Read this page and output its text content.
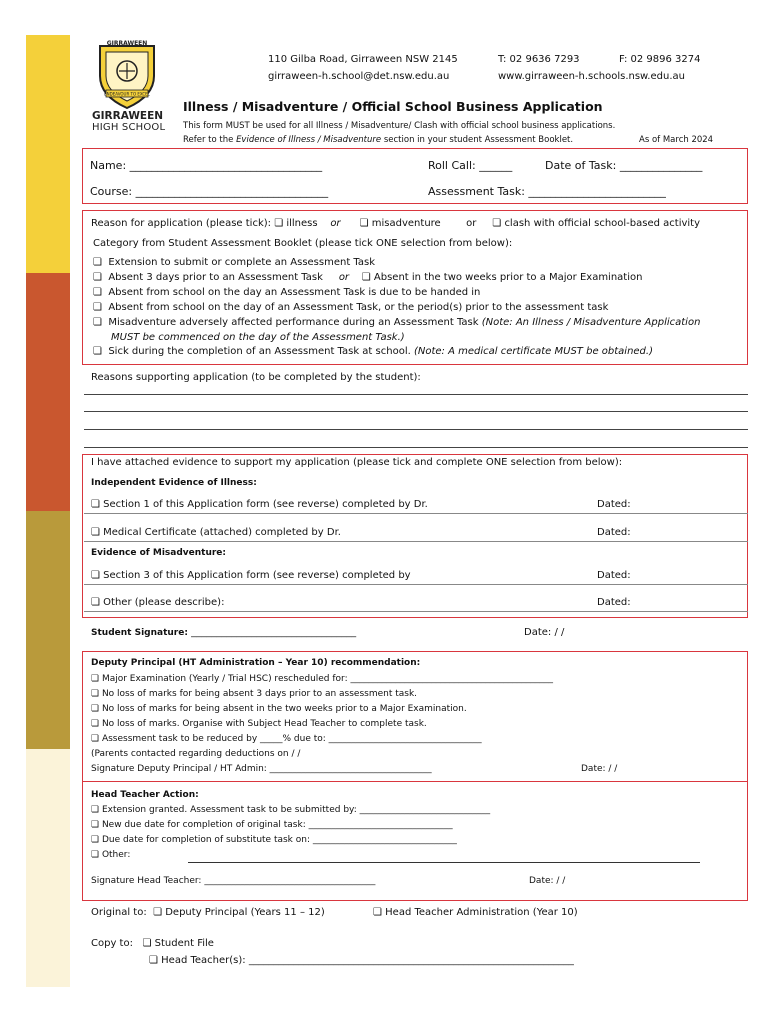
ENDEAVOUR TO EXCEL
GIRRAWEEN
GIRRAWEEN
HIGH SCHOOL
110 Gilba Road, Girraween NSW 2145	T: 02 9636 7293	F: 02 9896 3274
girraween-h.school@det.nsw.edu.au	www.girraween-h.schools.nsw.edu.au
Illness / Misadventure / Official School Business Application
This form MUST be used for all Illness / Misadventure/ Clash with official school business applications.
Refer to the Evidence of Illness / Misadventure section in your student Assessment Booklet.	As of March 2024
Name: ___________________________________	Roll Call: ______	Date of Task: _______________
Course: ___________________________________	Assessment Task: _________________________
Reason for application (please tick): ❏ illness or ❏ misadventure	or ❏ clash with official school-based activity
Category from Student Assessment Booklet (please tick ONE selection from below):
❏  Extension to submit or complete an Assessment Task
❏  Absent 3 days prior to an Assessment Task or    ❏ Absent in the two weeks prior to a Major Examination
❏  Absent from school on the day an Assessment Task is due to be handed in
❏  Absent from school on the day of an Assessment Task, or the period(s) prior to the assessment task
❏  Misadventure adversely affected performance during an Assessment Task (Note: An Illness / Misadventure Application
MUST be commenced on the day of the Assessment Task.)
❏  Sick during the completion of an Assessment Task at school. (Note: A medical certificate MUST be obtained.)
Reasons supporting application (to be completed by the student):
I have attached evidence to support my application (please tick and complete ONE selection from below):
Independent Evidence of Illness:
❏ Section 1 of this Application form (see reverse) completed by Dr.	Dated:
❏ Medical Certificate (attached) completed by Dr.	Dated:
Evidence of Misadventure:
❏ Section 3 of this Application form (see reverse) completed by	Dated:
❏ Other (please describe):	Dated:
Student Signature: _________________________________	Date: / /
Deputy Principal (HT Administration – Year 10) recommendation:
❏ Major Examination (Yearly / Trial HSC) rescheduled for: _____________________________________________
❏ No loss of marks for being absent 3 days prior to an assessment task.
❏ No loss of marks for being absent in the two weeks prior to a Major Examination.
❏ No loss of marks. Organise with Subject Head Teacher to complete task.
❏ Assessment task to be reduced by _____% due to: __________________________________
(Parents contacted regarding deductions on / /
Signature Deputy Principal / HT Admin: ____________________________________	Date: / /
Head Teacher Action:
❏ Extension granted. Assessment task to be submitted by: _____________________________
❏ New due date for completion of original task: ________________________________
❏ Due date for completion of substitute task on: ________________________________
❏ Other:
Signature Head Teacher: ______________________________________	Date: / /
Original to: ❏ Deputy Principal (Years 11 – 12)	❏ Head Teacher Administration (Year 10)
Copy to: ❏ Student File
❏ Head Teacher(s): _________________________________________________________________
